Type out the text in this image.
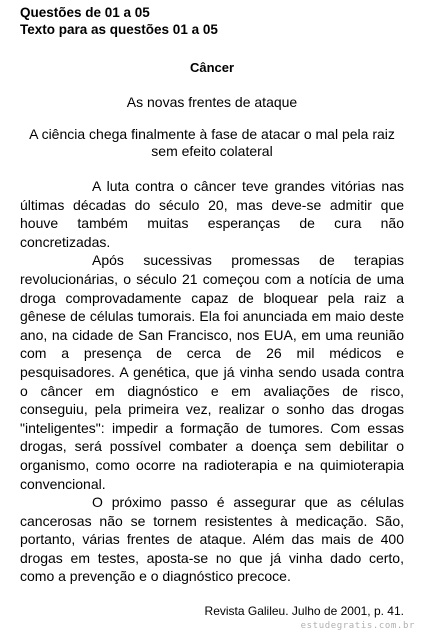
Questões de 01 a 05

Texto para as questões 01 a 05

Câncer

As novas frentes de ataque

A ciência chega finalmente à fase de atacar o mal pela raiz sem efeito colateral

A luta contra o câncer teve grandes vitórias nas últimas décadas do século 20, mas deve-se admitir que houve também muitas esperanças de cura não concretizadas.

Após sucessivas promessas de terapias revolucionárias, o século 21 começou com a notícia de uma droga comprovadamente capaz de bloquear pela raiz a gênese de células tumorais. Ela foi anunciada em maio deste ano, na cidade de San Francisco, nos EUA, em uma reunião com a presença de cerca de 26 mil médicos e pesquisadores. A genética, que já vinha sendo usada contra o câncer em diagnóstico e em avaliações de risco, conseguiu, pela primeira vez, realizar o sonho das drogas "inteligentes": impedir a formação de tumores. Com essas drogas, será possível combater a doença sem debilitar o organismo, como ocorre na radioterapia e na quimioterapia convencional.

O próximo passo é assegurar que as células cancerosas não se tornem resistentes à medicação. São, portanto, várias frentes de ataque. Além das mais de 400 drogas em testes, aposta-se no que já vinha dado certo, como a prevenção e o diagnóstico precoce.

Revista Galileu. Julho de 2001, p. 41.

estudegratis.com.br
